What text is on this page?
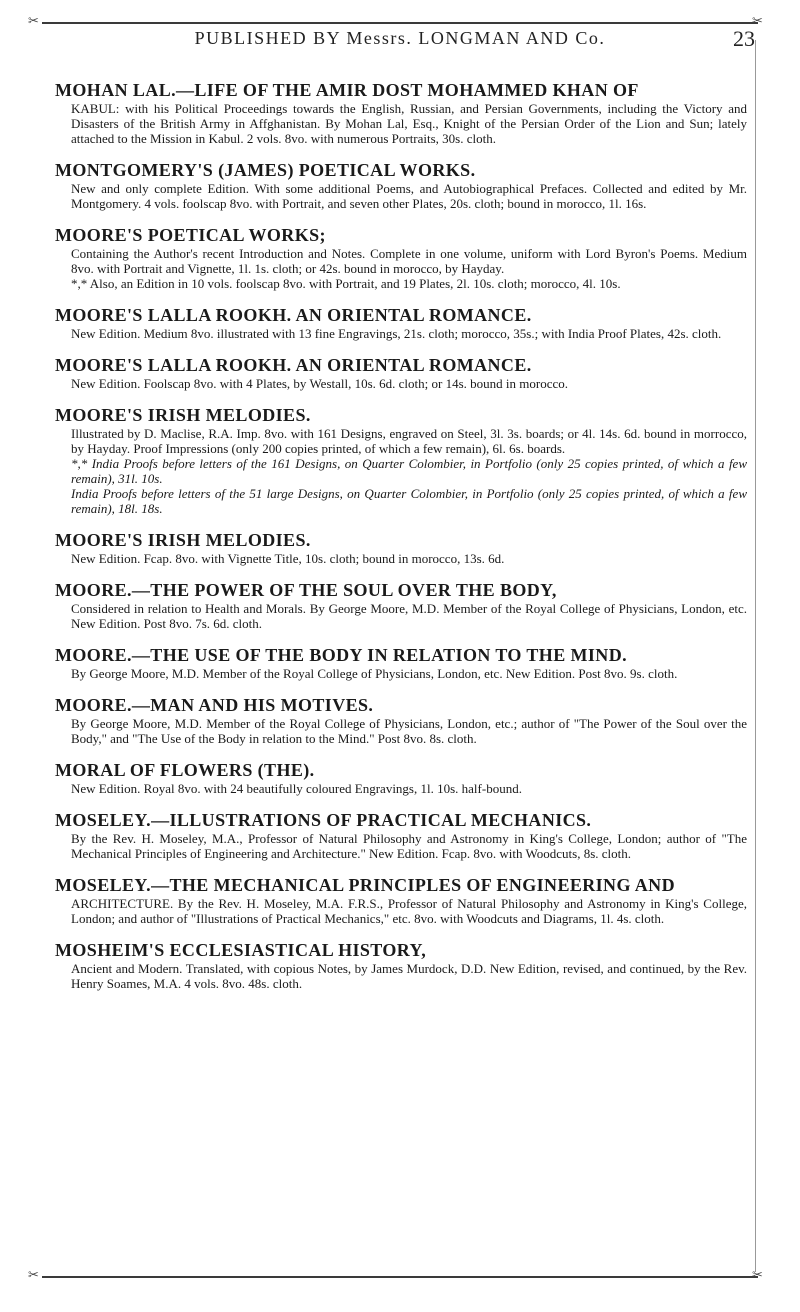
✂	✂
PUBLISHED BY Messrs. LONGMAN AND Co.	23
MOHAN LAL.—LIFE OF THE AMIR DOST MOHAMMED KHAN OF

KABUL: with his Political Proceedings towards the English, Russian, and Persian Governments, including the Victory and Disasters of the British Army in Affghanistan. By Mohan Lal, Esq., Knight of the Persian Order of the Lion and Sun; lately attached to the Mission in Kabul. 2 vols. 8vo. with numerous Portraits, 30s. cloth.

MONTGOMERY'S (JAMES) POETICAL WORKS.

New and only complete Edition. With some additional Poems, and Autobiographical Prefaces. Collected and edited by Mr. Montgomery. 4 vols. foolscap 8vo. with Portrait, and seven other Plates, 20s. cloth; bound in morocco, 1l. 16s.

MOORE'S POETICAL WORKS;

Containing the Author's recent Introduction and Notes. Complete in one volume, uniform with Lord Byron's Poems. Medium 8vo. with Portrait and Vignette, 1l. 1s. cloth; or 42s. bound in morocco, by Hayday.

*,* Also, an Edition in 10 vols. foolscap 8vo. with Portrait, and 19 Plates, 2l. 10s. cloth; morocco, 4l. 10s.

MOORE'S LALLA ROOKH. AN ORIENTAL ROMANCE.

New Edition. Medium 8vo. illustrated with 13 fine Engravings, 21s. cloth; morocco, 35s.; with India Proof Plates, 42s. cloth.

MOORE'S LALLA ROOKH. AN ORIENTAL ROMANCE.

New Edition. Foolscap 8vo. with 4 Plates, by Westall, 10s. 6d. cloth; or 14s. bound in morocco.

MOORE'S IRISH MELODIES.

Illustrated by D. Maclise, R.A. Imp. 8vo. with 161 Designs, engraved on Steel, 3l. 3s. boards; or 4l. 14s. 6d. bound in morrocco, by Hayday. Proof Impressions (only 200 copies printed, of which a few remain), 6l. 6s. boards.

*,* India Proofs before letters of the 161 Designs, on Quarter Colombier, in Portfolio (only 25 copies printed, of which a few remain), 31l. 10s.

India Proofs before letters of the 51 large Designs, on Quarter Colombier, in Portfolio (only 25 copies printed, of which a few remain), 18l. 18s.

MOORE'S IRISH MELODIES.

New Edition. Fcap. 8vo. with Vignette Title, 10s. cloth; bound in morocco, 13s. 6d.

MOORE.—THE POWER OF THE SOUL OVER THE BODY,

Considered in relation to Health and Morals. By George Moore, M.D. Member of the Royal College of Physicians, London, etc. New Edition. Post 8vo. 7s. 6d. cloth.

MOORE.—THE USE OF THE BODY IN RELATION TO THE MIND.

By George Moore, M.D. Member of the Royal College of Physicians, London, etc. New Edition. Post 8vo. 9s. cloth.

MOORE.—MAN AND HIS MOTIVES.

By George Moore, M.D. Member of the Royal College of Physicians, London, etc.; author of "The Power of the Soul over the Body," and "The Use of the Body in relation to the Mind." Post 8vo. 8s. cloth.

MORAL OF FLOWERS (THE).

New Edition. Royal 8vo. with 24 beautifully coloured Engravings, 1l. 10s. half-bound.

MOSELEY.—ILLUSTRATIONS OF PRACTICAL MECHANICS.

By the Rev. H. Moseley, M.A., Professor of Natural Philosophy and Astronomy in King's College, London; author of "The Mechanical Principles of Engineering and Architecture." New Edition. Fcap. 8vo. with Woodcuts, 8s. cloth.

MOSELEY.—THE MECHANICAL PRINCIPLES OF ENGINEERING AND

ARCHITECTURE. By the Rev. H. Moseley, M.A. F.R.S., Professor of Natural Philosophy and Astronomy in King's College, London; and author of "Illustrations of Practical Mechanics," etc. 8vo. with Woodcuts and Diagrams, 1l. 4s. cloth.

MOSHEIM'S ECCLESIASTICAL HISTORY,

Ancient and Modern. Translated, with copious Notes, by James Murdock, D.D. New Edition, revised, and continued, by the Rev. Henry Soames, M.A. 4 vols. 8vo. 48s. cloth.

✂	✂
